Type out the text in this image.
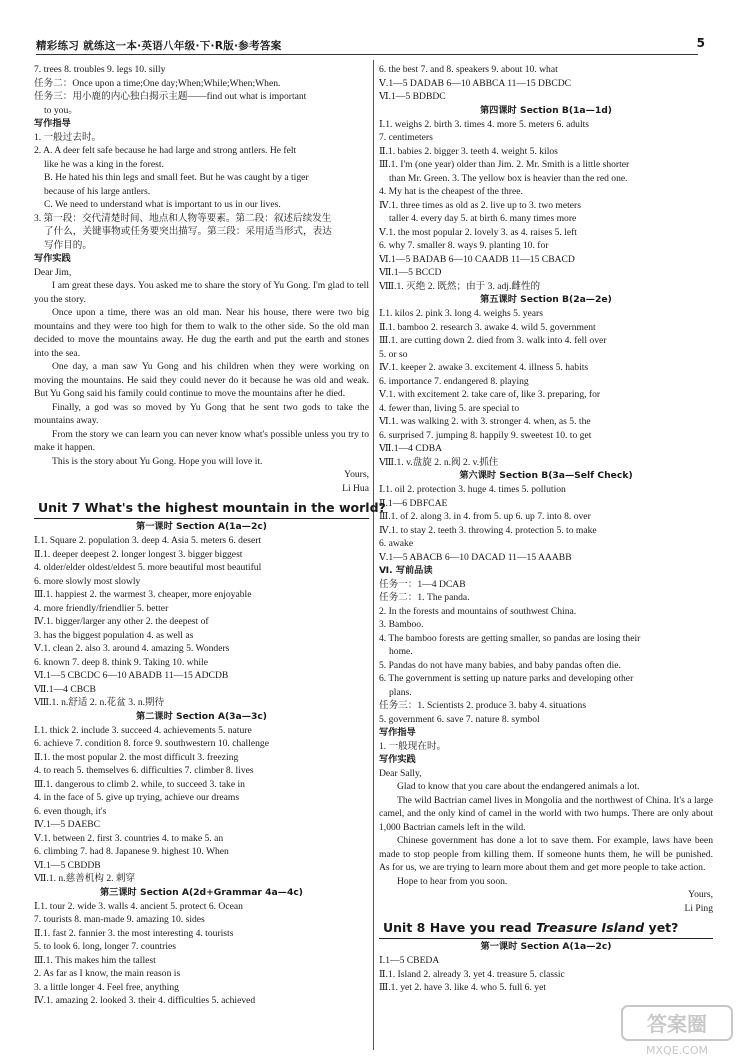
精彩练习 就练这一本·英语八年级·下·R版·参考答案	5
7. trees 8. troubles 9. legs 10. silly
任务二：Once upon a time;One day;When;While;When;When.
任务三：用小鹿的内心独白揭示主题——find out what is important
to you。
写作指导
1. 一般过去时。
2. A. A deer felt safe because he had large and strong antlers. He felt
like he was a king in the forest.
B. He hated his thin legs and small feet. But he was caught by a tiger
because of his large antlers.
C. We need to understand what is important to us in our lives.
3. 第一段：交代清楚时间、地点和人物等要素。第二段：叙述后续发生
了什么，关键事物或任务要突出描写。第三段：采用适当形式，表达
写作目的。
写作实践
Dear Jim,
I am great these days. You asked me to share the story of Yu Gong. I'm glad to tell you the story.
Once upon a time, there was an old man. Near his house, there were two big mountains and they were too high for them to walk to the other side. So the old man decided to move the mountains away. He dug the earth and put the earth and stones into the sea.
One day, a man saw Yu Gong and his children when they were working on moving the mountains. He said they could never do it because he was old and weak. But Yu Gong said his family could continue to move the mountains after he died.
Finally, a god was so moved by Yu Gong that he sent two gods to take the mountains away.
From the story we can learn you can never know what's possible unless you try to make it happen.
This is the story about Yu Gong. Hope you will love it.
Yours,
Li Hua
Unit 7 What's the highest mountain in the world?
第一课时 Section A(1a—2c)
Ⅰ.1. Square 2. population 3. deep 4. Asia 5. meters 6. desert
Ⅱ.1. deeper deepest 2. longer longest 3. bigger biggest
4. older/elder oldest/eldest 5. more beautiful most beautiful
6. more slowly most slowly
Ⅲ.1. happiest 2. the warmest 3. cheaper, more enjoyable
4. more friendly/friendlier 5. better
Ⅳ.1. bigger/larger any other 2. the deepest of
3. has the biggest population 4. as well as
Ⅴ.1. clean 2. also 3. around 4. amazing 5. Wonders
6. known 7. deep 8. think 9. Taking 10. while
Ⅵ.1—5 CBCDC 6—10 ABADB 11—15 ADCDB
Ⅶ.1—4 CBCB
Ⅷ.1. n.舒适 2. n.花盆 3. n.期待
第二课时 Section A(3a—3c)
Ⅰ.1. thick 2. include 3. succeed 4. achievements 5. nature
6. achieve 7. condition 8. force 9. southwestern 10. challenge
Ⅱ.1. the most popular 2. the most difficult 3. freezing
4. to reach 5. themselves 6. difficulties 7. climber 8. lives
Ⅲ.1. dangerous to climb 2. while, to succeed 3. take in
4. in the face of 5. give up trying, achieve our dreams
6. even though, it's
Ⅳ.1—5 DAEBC
Ⅴ.1. between 2. first 3. countries 4. to make 5. an
6. climbing 7. had 8. Japanese 9. highest 10. When
Ⅵ.1—5 CBDDB
Ⅶ.1. n.慈善机构 2. 刺穿
第三课时 Section A(2d+Grammar 4a—4c)
Ⅰ.1. tour 2. wide 3. walls 4. ancient 5. protect 6. Ocean
7. tourists 8. man-made 9. amazing 10. sides
Ⅱ.1. fast 2. fannier 3. the most interesting 4. tourists
5. to look 6. long, longer 7. countries
Ⅲ.1. This makes him the tallest
2. As far as I know, the main reason is
3. a little longer 4. Feel free, anything
Ⅳ.1. amazing 2. looked 3. their 4. difficulties 5. achieved
6. the best 7. and 8. speakers 9. about 10. what
Ⅴ.1—5 DADAB 6—10 ABBCA 11—15 DBCDC
Ⅵ.1—5 BDBDC
第四课时 Section B(1a—1d)
Ⅰ.1. weighs 2. birth 3. times 4. more 5. meters 6. adults
7. centimeters
Ⅱ.1. babies 2. bigger 3. teeth 4. weight 5. kilos
Ⅲ.1. I'm (one year) older than Jim. 2. Mr. Smith is a little shorter
than Mr. Green. 3. The yellow box is heavier than the red one.
4. My hat is the cheapest of the three.
Ⅳ.1. three times as old as 2. live up to 3. two meters
taller 4. every day 5. at birth 6. many times more
Ⅴ.1. the most popular 2. lovely 3. as 4. raises 5. left
6. why 7. smaller 8. ways 9. planting 10. for
Ⅵ.1—5 BADAB 6—10 CAADB 11—15 CBACD
Ⅶ.1—5 BCCD
Ⅷ.1. 灭绝 2. 既然；由于 3. adj.雌性的
第五课时 Section B(2a—2e)
Ⅰ.1. kilos 2. pink 3. long 4. weighs 5. years
Ⅱ.1. bamboo 2. research 3. awake 4. wild 5. government
Ⅲ.1. are cutting down 2. died from 3. walk into 4. fell over
5. or so
Ⅳ.1. keeper 2. awake 3. excitement 4. illness 5. habits
6. importance 7. endangered 8. playing
Ⅴ.1. with excitement 2. take care of, like 3. preparing, for
4. fewer than, living 5. are special to
Ⅵ.1. was walking 2. with 3. stronger 4. when, as 5. the
6. surprised 7. jumping 8. happily 9. sweetest 10. to get
Ⅶ.1—4 CDBA
Ⅷ.1. v.盘旋 2. n.阀 2. v.抓住
第六课时 Section B(3a—Self Check)
Ⅰ.1. oil 2. protection 3. huge 4. times 5. pollution
Ⅱ.1—6 DBFCAE
Ⅲ.1. of 2. along 3. in 4. from 5. up 6. up 7. into 8. over
Ⅳ.1. to stay 2. teeth 3. throwing 4. protection 5. to make
6. awake
Ⅴ.1—5 ABACB 6—10 DACAD 11—15 AAABB
Ⅵ. 写前品读
任务一：1—4 DCAB
任务二：1. The panda.
2. In the forests and mountains of southwest China.
3. Bamboo.
4. The bamboo forests are getting smaller, so pandas are losing their
home.
5. Pandas do not have many babies, and baby pandas often die.
6. The government is setting up nature parks and developing other
plans.
任务三：1. Scientists 2. produce 3. baby 4. situations
5. government 6. save 7. nature 8. symbol
写作指导
1. 一般现在时。
写作实践
Dear Sally,
Glad to know that you care about the endangered animals a lot.
The wild Bactrian camel lives in Mongolia and the northwest of China. It's a large camel, and the only kind of camel in the world with two humps. There are only about 1,000 Bactrian camels left in the wild.
Chinese government has done a lot to save them. For example, laws have been made to stop people from killing them. If someone hunts them, he will be punished. As for us, we are trying to learn more about them and get more people to take action.
Hope to hear from you soon.
Yours,
Li Ping
Unit 8 Have you read Treasure Island yet?
第一课时 Section A(1a—2c)
Ⅰ.1—5 CBEDA
Ⅱ.1. Island 2. already 3. yet 4. treasure 5. classic
Ⅲ.1. yet 2. have 3. like 4. who 5. full 6. yet
答案圈
MXQE.COM
